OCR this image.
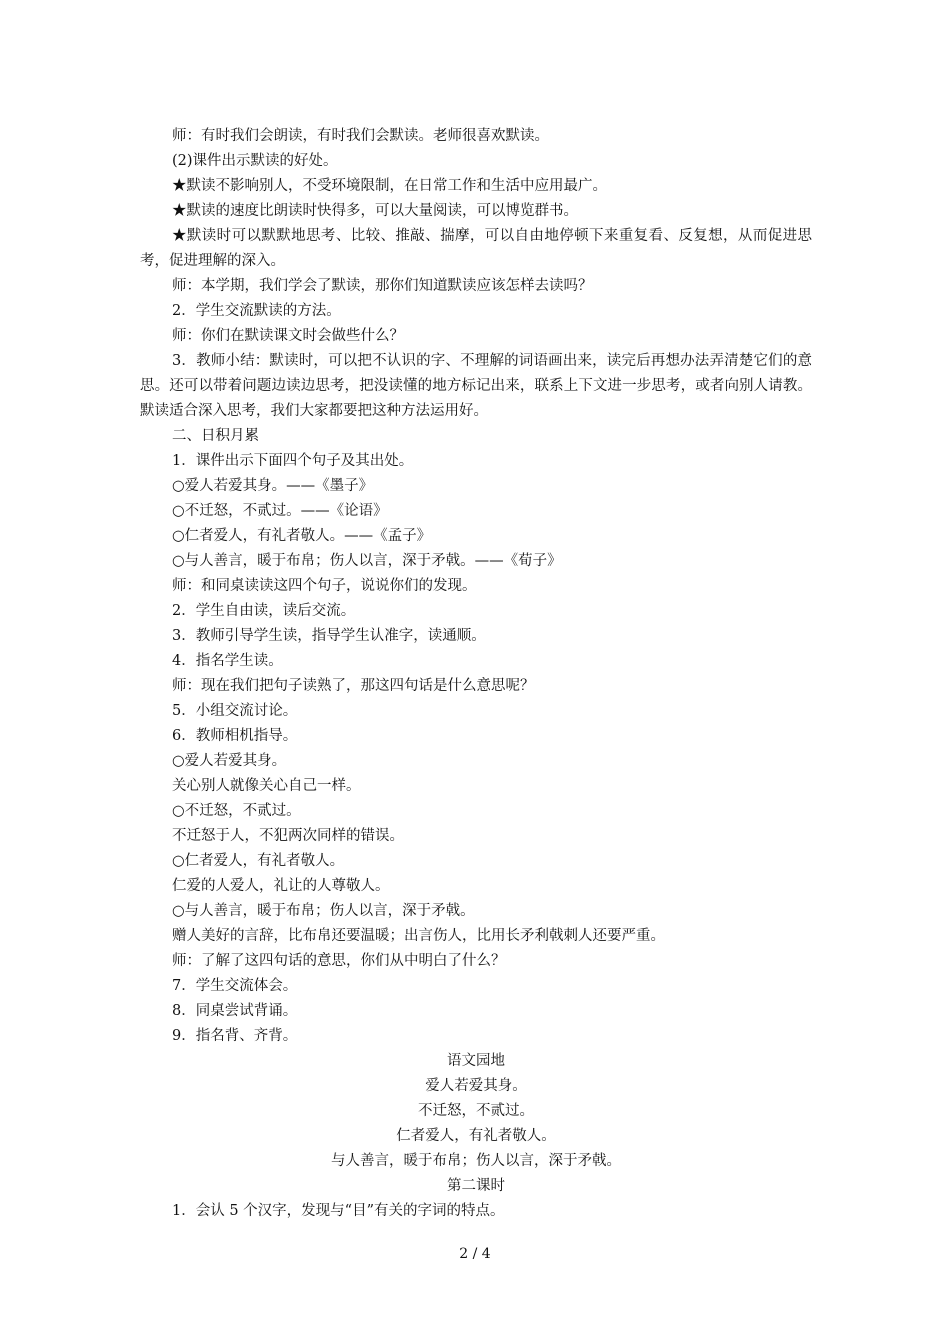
师：有时我们会朗读，有时我们会默读。老师很喜欢默读。
(2)课件出示默读的好处。
★默读不影响别人，不受环境限制，在日常工作和生活中应用最广。
★默读的速度比朗读时快得多，可以大量阅读，可以博览群书。
★默读时可以默默地思考、比较、推敲、揣摩，可以自由地停顿下来重复看、反复想，从而促进思考，促进理解的深入。
师：本学期，我们学会了默读，那你们知道默读应该怎样去读吗？
2．学生交流默读的方法。
师：你们在默读课文时会做些什么？
3．教师小结：默读时，可以把不认识的字、不理解的词语画出来，读完后再想办法弄清楚它们的意思。还可以带着问题边读边思考，把没读懂的地方标记出来，联系上下文进一步思考，或者向别人请教。默读适合深入思考，我们大家都要把这种方法运用好。
二、日积月累
1．课件出示下面四个句子及其出处。
○爱人若爱其身。——《墨子》
○不迁怒，不贰过。——《论语》
○仁者爱人，有礼者敬人。——《孟子》
○与人善言，暖于布帛；伤人以言，深于矛戟。——《荀子》
师：和同桌读读这四个句子，说说你们的发现。
2．学生自由读，读后交流。
3．教师引导学生读，指导学生认准字，读通顺。
4．指名学生读。
师：现在我们把句子读熟了，那这四句话是什么意思呢？
5．小组交流讨论。
6．教师相机指导。
○爱人若爱其身。
关心别人就像关心自己一样。
○不迁怒，不贰过。
不迁怒于人，不犯两次同样的错误。
○仁者爱人，有礼者敬人。
仁爱的人爱人，礼让的人尊敬人。
○与人善言，暖于布帛；伤人以言，深于矛戟。
赠人美好的言辞，比布帛还要温暖；出言伤人，比用长矛利戟刺人还要严重。
师：了解了这四句话的意思，你们从中明白了什么？
7．学生交流体会。
8．同桌尝试背诵。
9．指名背、齐背。
语文园地
爱人若爱其身。
不迁怒，不贰过。
仁者爱人，有礼者敬人。
与人善言，暖于布帛；伤人以言，深于矛戟。
第二课时
1．会认 5 个汉字，发现与“目”有关的字词的特点。
2 / 4
